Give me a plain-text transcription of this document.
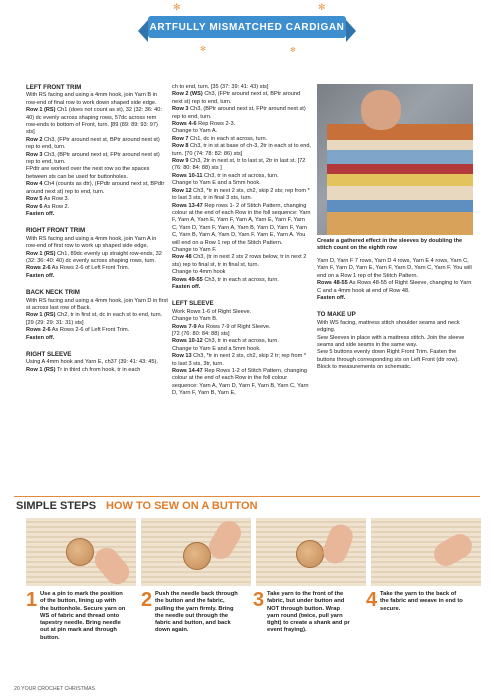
✻	✻
✻	✻
ARTFULLY MISMATCHED CARDIGAN
LEFT FRONT TRIM

With RS facing and using a 4mm hook, join Yarn B in row-end of final row to work down shaped side edge.

Row 1 (RS) Ch1 (does not count as st), 32 (32: 36: 40: 40) dc evenly across shaping rows, 57dc across rem row-ends to bottom of Front, turn. [89 (89: 89: 93: 97) sts]

Row 2 Ch3, (FPtr around next st, BPtr around next st) rep to end, turn.

Row 3 Ch3, (BPtr around next st, FPtr around next st) rep to end, turn.

FPdtr are worked over the next row so the spaces between sts can be used for buttonholes.

Row 4 Ch4 (counts as dtr), (FPdtr around next st, BPdtr around next st) rep to end, turn.

Row 5 As Row 3.

Row 6 As Row 2.

Fasten off.

RIGHT FRONT TRIM

With RS facing and using a 4mm hook, join Yarn A in row-end of first row to work up shaped side edge.

Row 1 (RS) Ch1, 89dc evenly up straight row-ends, 32 (32: 36: 40: 40) dc evenly across shaping rows, turn.

Rows 2-6 As Rows 2-6 of Left Front Trim.

Fasten off.

BACK NECK TRIM

With RS facing and using a 4mm hook, join Yarn D in first st across last row of Back.

Row 1 (RS) Ch2, tr in first st, dc in each st to end, turn. [29 (29: 29: 31: 31) sts]

Rows 2-6 As Rows 2-6 of Left Front Trim.

Fasten off.

RIGHT SLEEVE

Using A 4mm hook and Yarn E, ch37 (39: 41: 43: 45).

Row 1 (RS) Tr in third ch from hook, tr in each

ch to end, turn. [35 (37: 39: 41: 43) sts]

Row 2 (WS) Ch3, (FPtr around next st, BPtr around next st) rep to end, turn.

Row 3 Ch3, (BPtr around next st, FPtr around next st) rep to end, turn.

Rows 4-6 Rep Rows 2-3.

Change to Yarn A.

Row 7 Ch1, dc in each st across, turn.

Row 8 Ch3, tr in st at base of ch-3, 2tr in each st to end, turn. [70 (74: 78: 82: 86) sts]

Row 9 Ch3, 2tr in next st, tr to last st, 2tr in last st. [72 (76: 80: 84: 88) sts ]

Rows 10-11 Ch3, tr in each st across, turn.

Change to Yarn E and a 5mm hook.

Row 12 Ch3, *tr in next 2 sts, ch2, skip 2 sts; rep from * to last 3 sts, tr in final 3 sts, turn.

Rows 13-47 Rep rows 1- 2 of Stitch Pattern, changing colour at the end of each Row in the foll sequence: Yarn F, Yarn A, Yarn E, Yarn F, Yarn A, Yarn E, Yarn F, Yarn C, Yarn D, Yarn F, Yarn A, Yarn B, Yarn D, Yarn F, Yarn C, Yarn B, Yarn A, Yarn D, Yarn F, Yarn E, Yarn A. You will end on a Row 1 rep of the Stitch Pattern.

Change to Yarn F.

Row 48 Ch3, (tr in next 2 sts 2 rows below, tr in next 2 sts) rep to final st, tr in final st, turn.

Change to 4mm hook

Rows 49-55 Ch3, tr in each st across, turn.

Fasten off.

LEFT SLEEVE

Work Rows 1-6 of Right Sleeve.

Change to Yarn B.

Rows 7-9 As Rows 7-9 of Right Sleeve.

[72 (76: 80: 84: 88) sts]

Rows 10-12 Ch3, tr in each st across, turn.

Change to Yarn E and a 5mm hook.

Row 13 Ch3, *tr in next 2 sts, ch2, skip 2 tr; rep from * to last 3 sts, 3tr, turn.

Rows 14-47 Rep Rows 1-2 of Stitch Pattern, changing colour at the end of each Row in the foll colour sequence: Yarn A, Yarn D, Yarn F, Yarn B, Yarn C, Yarn D, Yarn F, Yarn B, Yarn E,

Create a gathered effect in the sleeves by doubling the stitch count on the eighth row

Yarn D, Yarn F 7 rows, Yarn D 4 rows, Yarn E 4 rows, Yarn C, Yarn F, Yarn D, Yarn E, Yarn F, Yarn D, Yarn C, Yarn F. You will end on a Row 1 rep of the Stitch Pattern.

Rows 48-55 As Rows 48-55 of Right Sleeve, changing to Yarn C and a 4mm hook at end of Row 48.

Fasten off.

TO MAKE UP

With WS facing, mattress stitch shoulder seams and neck edging.

Sew Sleeves in place with a mattress stitch. Join the sleeve seams and side seams in the same way.

Sew 5 buttons evenly down Right Front Trim. Fasten the buttons through corresponding sts on Left Front (dtr row).

Block to measurements on schematic.

SIMPLE STEPS HOW TO SEW ON A BUTTON
1 Use a pin to mark the position of the button, lining up with the buttonhole. Secure yarn on WS of fabric and thread onto tapestry needle. Bring needle out at pin mark and through button.
2 Push the needle back through the button and the fabric, pulling the yarn firmly. Bring the needle out through the fabric and button, and back down again.
3 Take yarn to the front of the fabric, but under button and NOT through button. Wrap yarn round (twice, pull yarn tight) to create a shank and pr event fraying).
4 Take the yarn to the back of the fabric and weave in end to secure.
20 YOUR CROCHET CHRISTMAS
